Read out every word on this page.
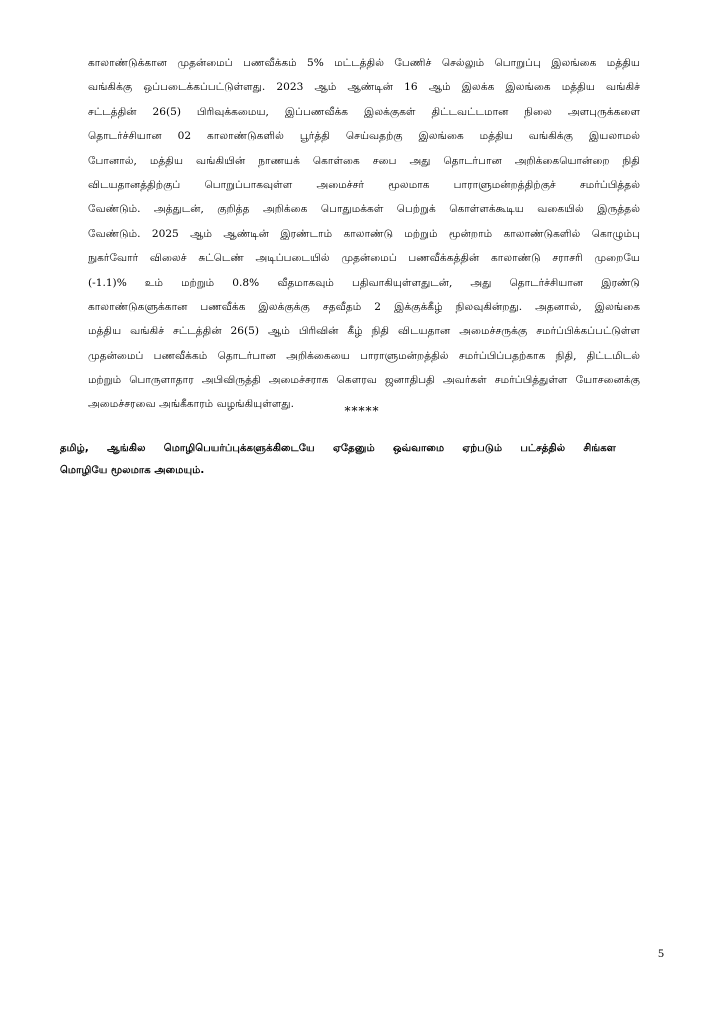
காலாண்டுக்கான முதன்மைப் பணவீக்கம் 5% மட்டத்தில் பேணிச் செல்லும் பொறுப்பு இலங்கை மத்திய
வங்கிக்கு ஒப்படைக்கப்பட்டுள்ளது. 2023 ஆம் ஆண்டின் 16 ஆம் இலக்க இலங்கை மத்திய வங்கிச்
சட்டத்தின் 26(5) பிரிவுக்கமைய, இப்பணவீக்க இலக்குகள் திட்டவட்டமான நிலை அளபுருக்களை
தொடர்ச்சியான 02 காலாண்டுகளில் பூர்த்தி செய்வதற்கு இலங்கை மத்திய வங்கிக்கு இயலாமல்
போனால், மத்திய வங்கியின் நாணயக் கொள்கை சபை அது தொடர்பான அறிக்கையொன்றை நிதி
விடயதானத்திற்குப் பொறுப்பாகவுள்ள அமைச்சர் மூலமாக பாராளுமன்றத்திற்குச் சமர்ப்பித்தல்
வேண்டும். அத்துடன், குறித்த அறிக்கை பொதுமக்கள் பெற்றுக் கொள்ளக்கூடிய வகையில் இருத்தல்
வேண்டும். 2025 ஆம் ஆண்டின் இரண்டாம் காலாண்டு மற்றும் மூன்றாம் காலாண்டுகளில் கொழும்பு
நுகர்வோர் விலைச் சுட்டெண் அடிப்படையில் முதன்மைப் பணவீக்கத்தின் காலாண்டு சராசரி முறையே
(-1.1)% உம் மற்றும் 0.8% வீதமாகவும் பதிவாகியுள்ளதுடன், அது தொடர்ச்சியான இரண்டு
காலாண்டுகளுக்கான பணவீக்க இலக்குக்கு சதவீதம் 2 இக்குக்கீழ் நிலவுகின்றது. அதனால், இலங்கை
மத்திய வங்கிச் சட்டத்தின் 26(5) ஆம் பிரிவின் கீழ் நிதி விடயதான அமைச்சருக்கு சமர்ப்பிக்கப்பட்டுள்ள
முதன்மைப் பணவீக்கம் தொடர்பான அறிக்கையை பாராளுமன்றத்தில் சமர்ப்பிப்பதற்காக நிதி, திட்டமிடல்
மற்றும் பொருளாதார அபிவிருத்தி அமைச்சராக கௌரவ ஜனாதிபதி அவர்கள் சமர்ப்பித்துள்ள யோசனைக்கு
அமைச்சரவை அங்கீகாரம் வழங்கியுள்ளது.	*****
தமிழ், ஆங்கில மொழிபெயர்ப்புக்களுக்கிடையே ஏதேனும் ஒவ்வாமை ஏற்படும் பட்சத்தில் சிங்கள
மொழியே மூலமாக அமையும்.
5
